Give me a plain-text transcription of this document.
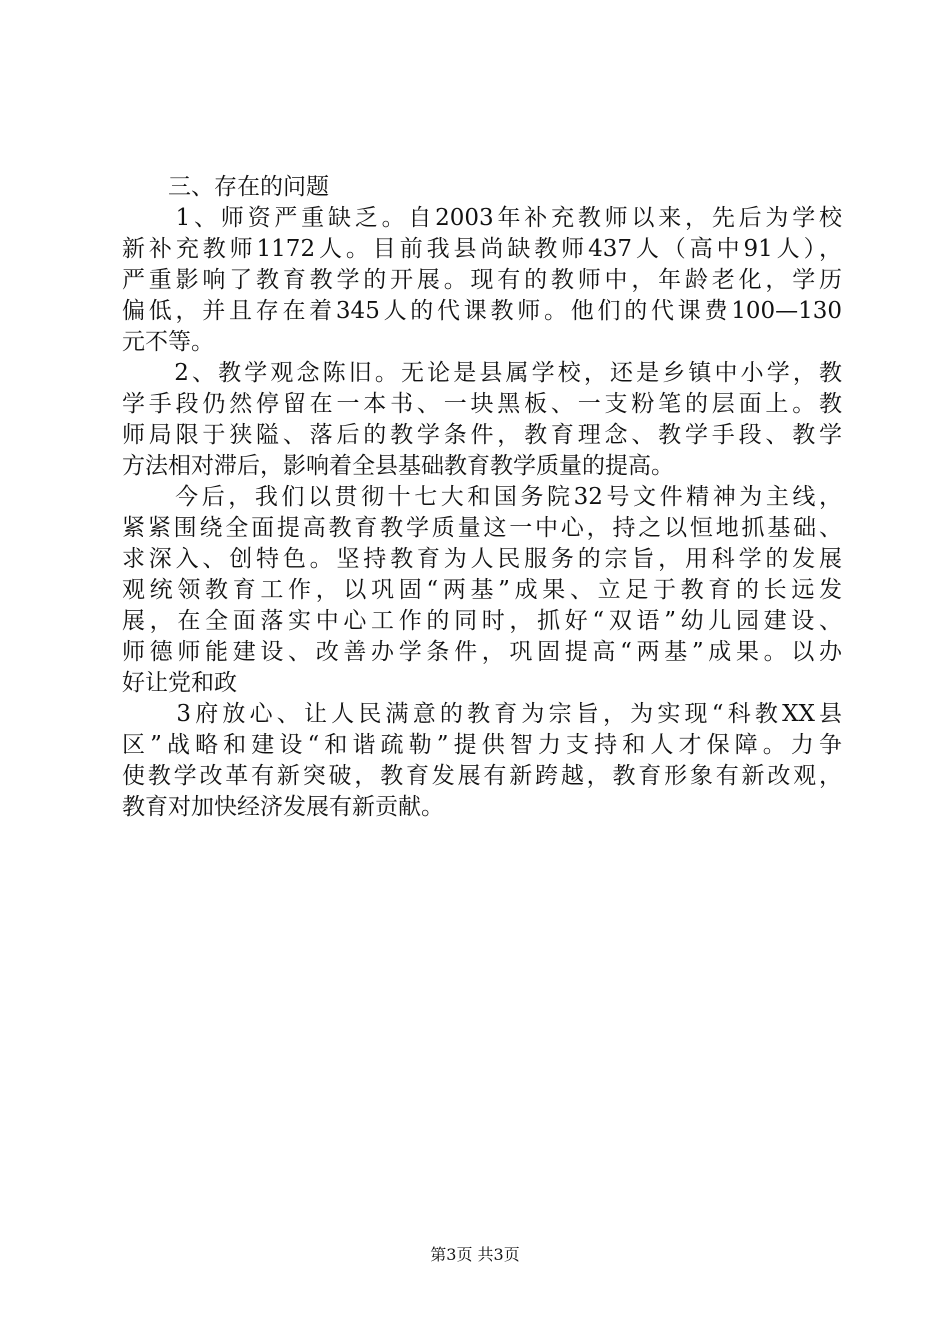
　　三、存在的问题

　　1、师资严重缺乏。自2003年补充教师以来，先后为学校

新补充教师1172人。目前我县尚缺教师437人（高中91人），

严重影响了教育教学的开展。现有的教师中，年龄老化，学历

偏低，并且存在着345人的代课教师。他们的代课费100—130

元不等。

　　2、教学观念陈旧。无论是县属学校，还是乡镇中小学，教

学手段仍然停留在一本书、一块黑板、一支粉笔的层面上。教

师局限于狭隘、落后的教学条件，教育理念、教学手段、教学

方法相对滞后，影响着全县基础教育教学质量的提高。

　　今后，我们以贯彻十七大和国务院32号文件精神为主线，

紧紧围绕全面提高教育教学质量这一中心，持之以恒地抓基础、

求深入、创特色。坚持教育为人民服务的宗旨，用科学的发展

观统领教育工作，以巩固“两基”成果、立足于教育的长远发

展，在全面落实中心工作的同时，抓好“双语”幼儿园建设、

师德师能建设、改善办学条件，巩固提高“两基”成果。以办

好让党和政

　　3府放心、让人民满意的教育为宗旨，为实现“科教XX县

区”战略和建设“和谐疏勒”提供智力支持和人才保障。力争

使教学改革有新突破，教育发展有新跨越，教育形象有新改观，

教育对加快经济发展有新贡献。

第3页 共3页
